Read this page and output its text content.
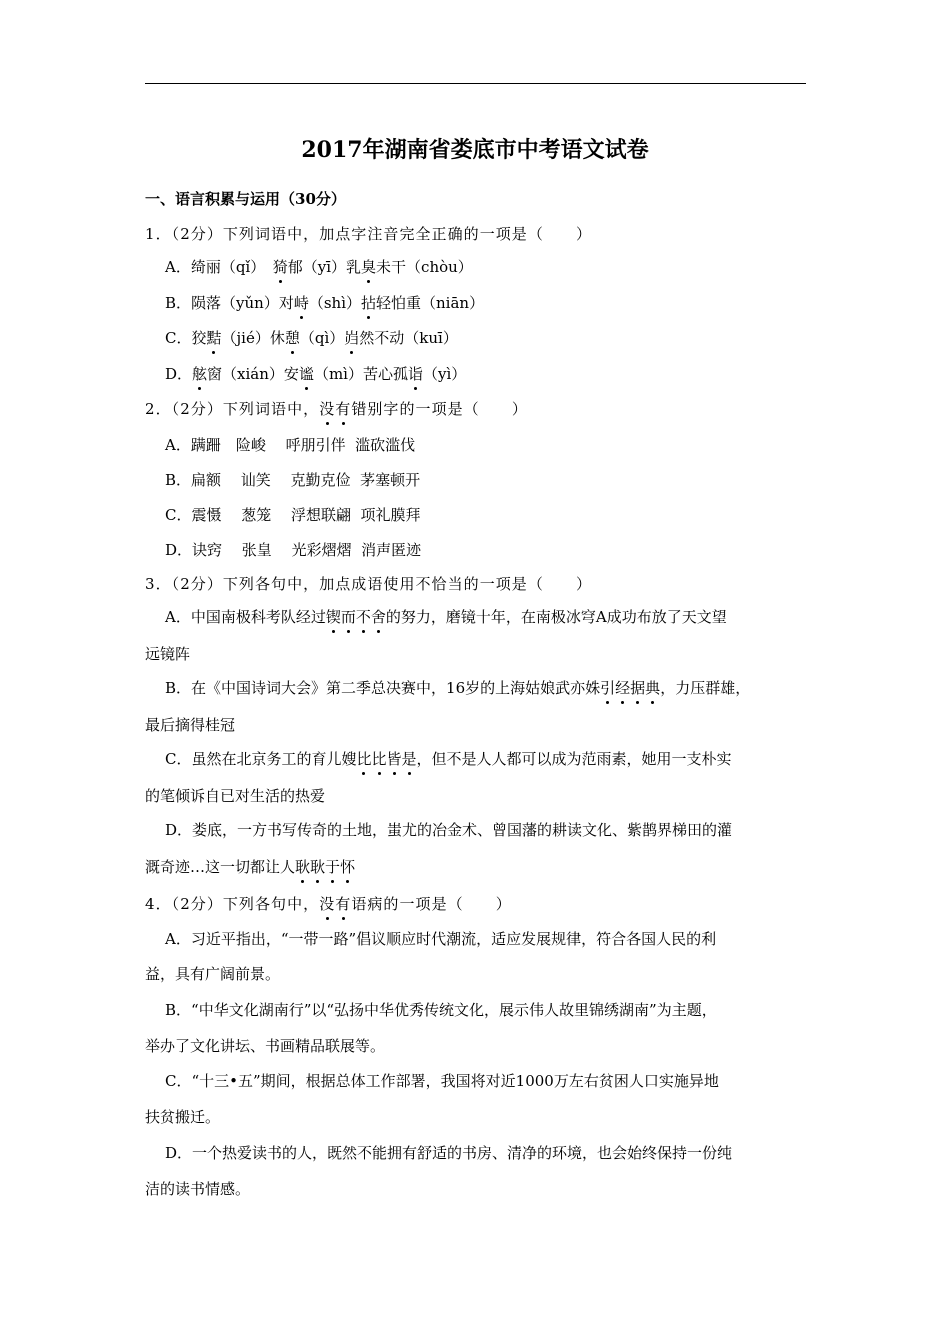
2017年湖南省娄底市中考语文试卷
一、语言积累与运用（30分）
1．（2分）下列词语中，加点字注音完全正确的一项是（　　）
A．绮丽（qǐ）　猗郁（yī）乳臭未干（chòu）
B．陨落（yǔn）对峙（shì）拈轻怕重（niān）
C．狡黠（jié）休憩（qì）岿然不动（kuī）
D．舷窗（xián）安谧（mì）苦心孤诣（yì）
2．（2分）下列词语中，没有错别字的一项是（　　）
A．蹒跚　险峻　 呼朋引伴  滥砍滥伐
B．扁额　 讪笑　 克勤克俭  茅塞顿开
C．震慑　 葱笼　 浮想联翩  项礼膜拜
D．诀窍　 张皇　 光彩熠熠  消声匿迹
3．（2分）下列各句中，加点成语使用不恰当的一项是（　　）
A．中国南极科考队经过锲而不舍的努力，磨镜十年，在南极冰穹A成功布放了天文望
远镜阵
B．在《中国诗词大会》第二季总决赛中，16岁的上海姑娘武亦姝引经据典，力压群雄，
最后摘得桂冠
C．虽然在北京务工的育儿嫂比比皆是，但不是人人都可以成为范雨素，她用一支朴实
的笔倾诉自已对生活的热爱
D．娄底，一方书写传奇的土地，蚩尤的冶金术、曾国藩的耕读文化、紫鹊界梯田的灌
溉奇迹…这一切都让人耿耿于怀
4．（2分）下列各句中，没有语病的一项是（　　）
A．习近平指出，“一带一路”倡议顺应时代潮流，适应发展规律，符合各国人民的利
益，具有广阔前景。
B．“中华文化湖南行”以“弘扬中华优秀传统文化，展示伟人故里锦绣湖南”为主题，
举办了文化讲坛、书画精品联展等。
C．“十三•五”期间，根据总体工作部署，我国将对近1000万左右贫困人口实施异地
扶贫搬迁。
D．一个热爱读书的人，既然不能拥有舒适的书房、清净的环境，也会始终保持一份纯
洁的读书情感。
